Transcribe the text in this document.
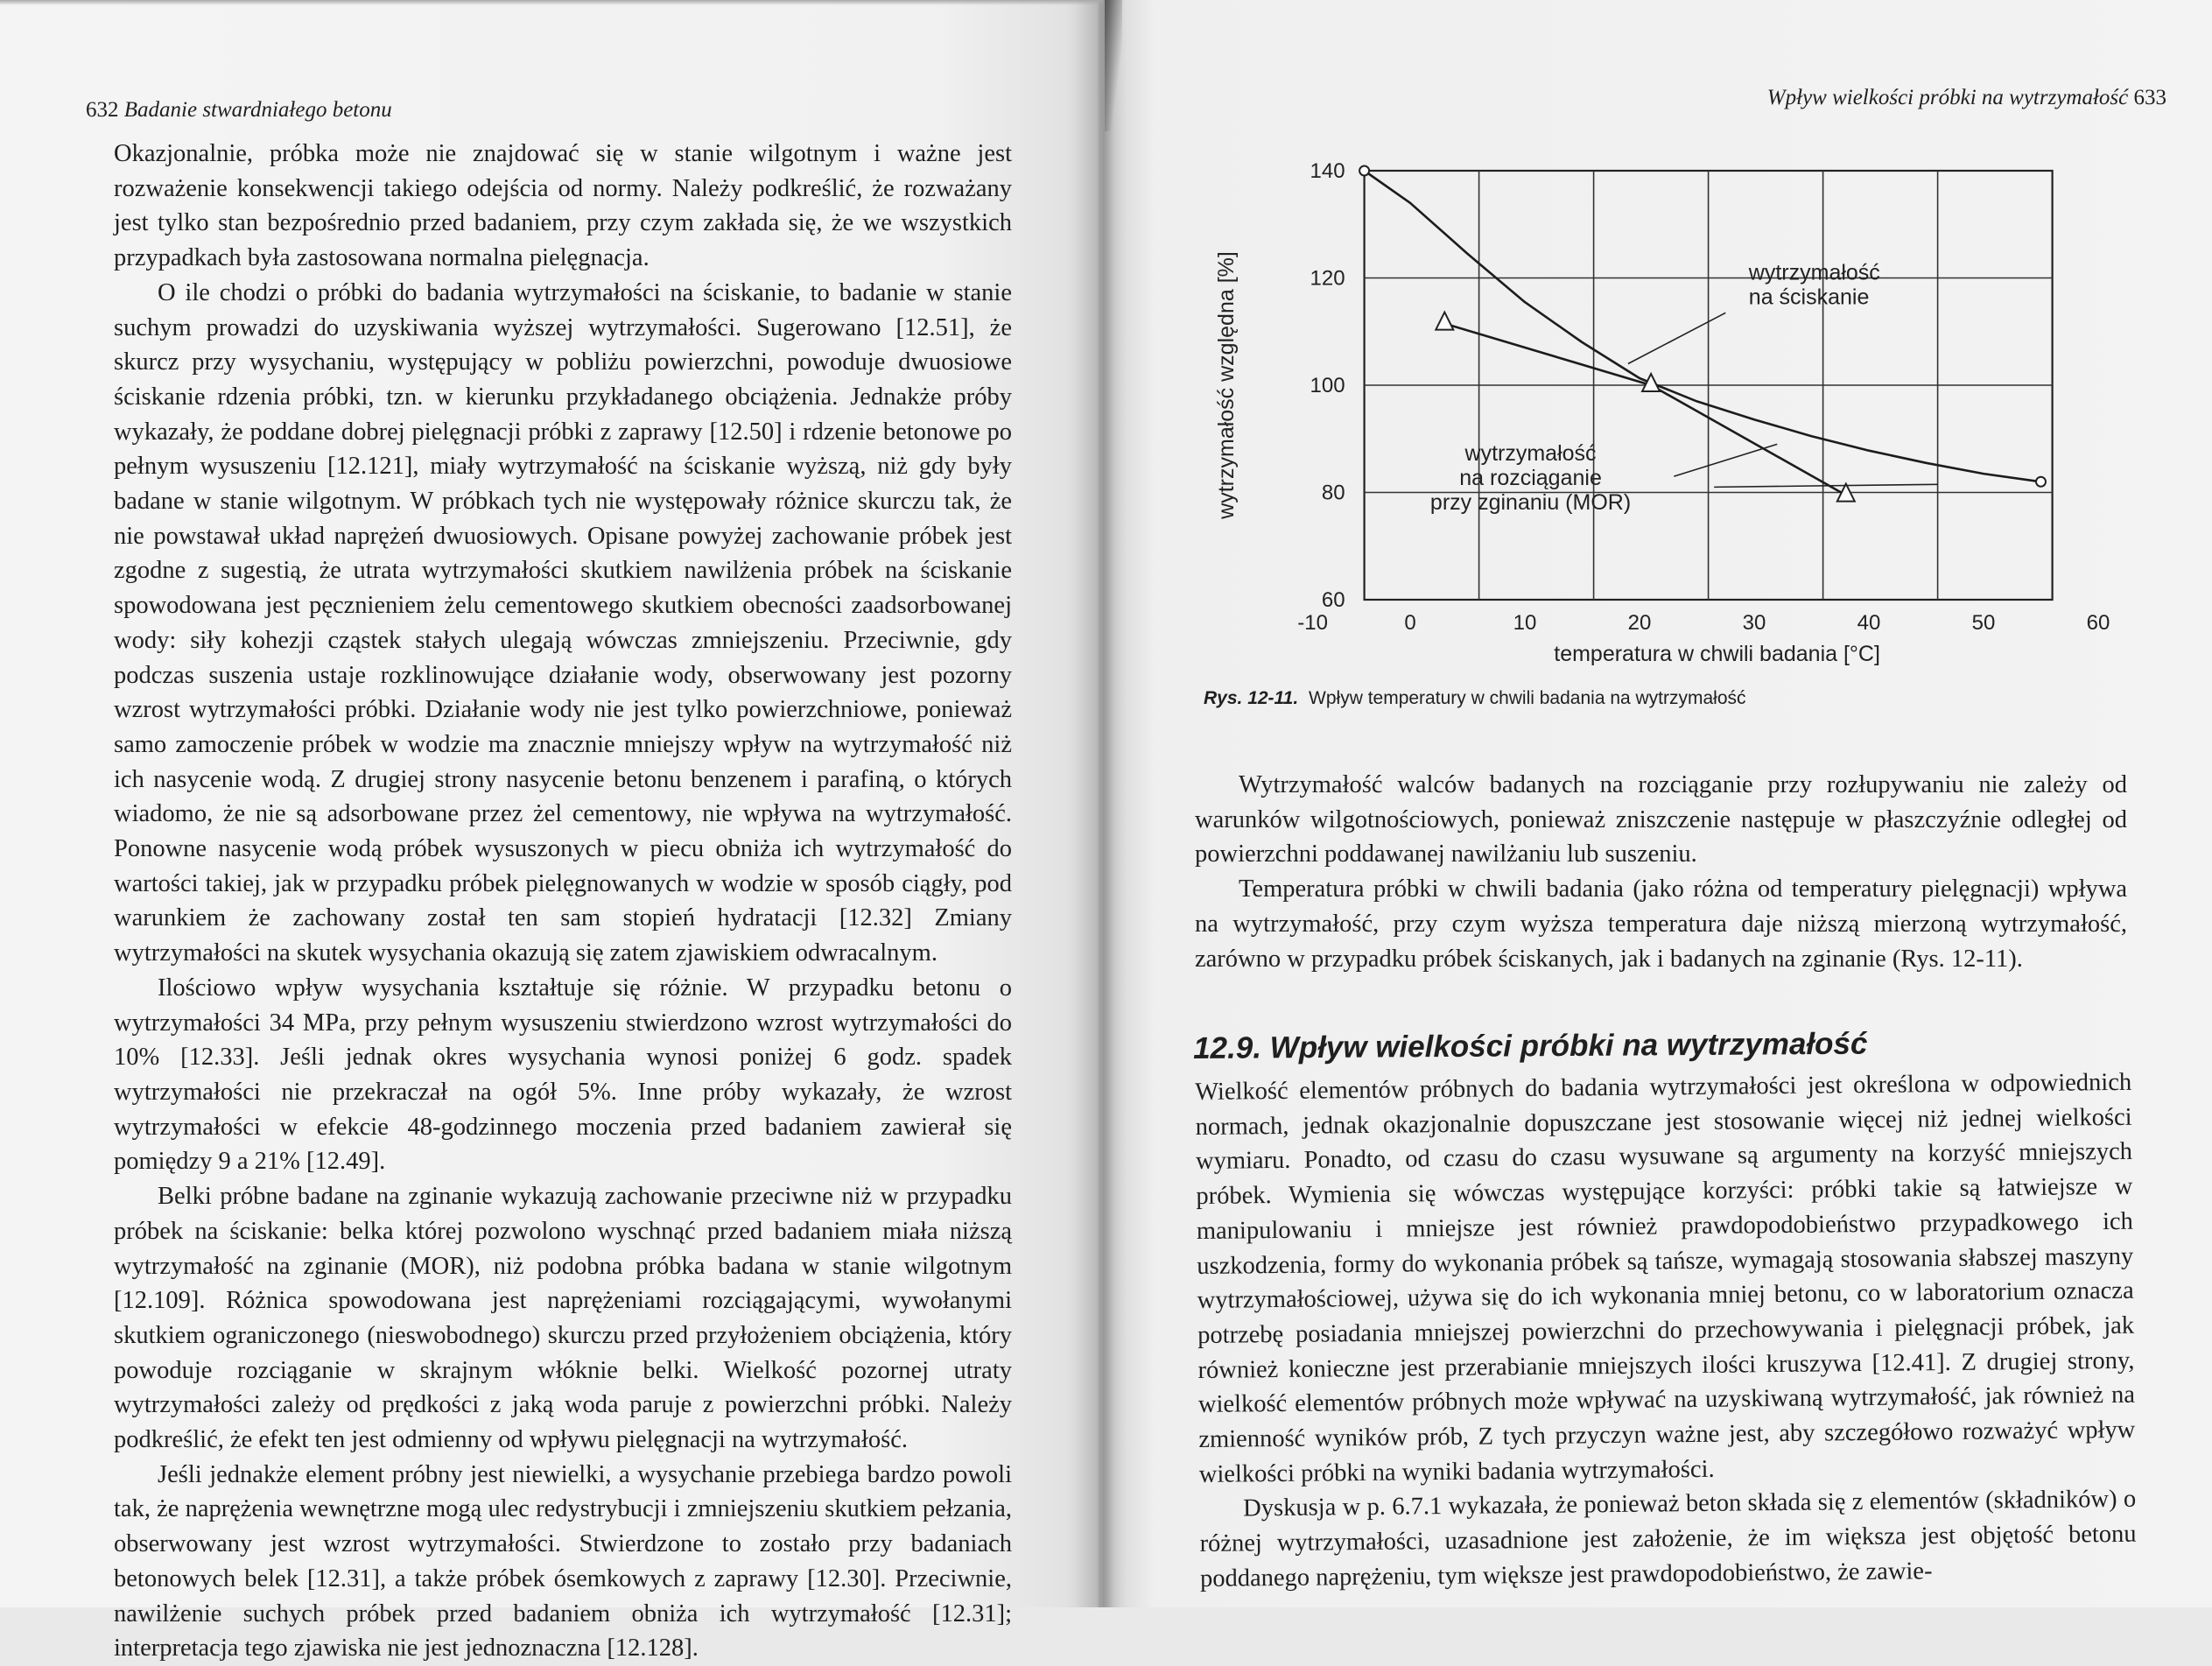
632 Badanie stwardniałego betonu

Okazjonalnie, próbka może nie znajdować się w stanie wilgotnym i ważne jest rozważenie konsekwencji takiego odejścia od normy. Należy podkreślić, że rozważany jest tylko stan bezpośrednio przed badaniem, przy czym zakłada się, że we wszystkich przypadkach była zastosowana normalna pielęgnacja.

O ile chodzi o próbki do badania wytrzymałości na ściskanie, to badanie w stanie suchym prowadzi do uzyskiwania wyższej wytrzymałości. Sugerowano [12.51], że skurcz przy wysychaniu, występujący w pobliżu powierzchni, powoduje dwuosiowe ściskanie rdzenia próbki, tzn. w kierunku przykładanego obciążenia. Jednakże próby wykazały, że poddane dobrej pielęgnacji próbki z zaprawy [12.50] i rdzenie betonowe po pełnym wysuszeniu [12.121], miały wytrzymałość na ściskanie wyższą, niż gdy były badane w stanie wilgotnym. W próbkach tych nie występowały różnice skurczu tak, że nie powstawał układ naprężeń dwuosiowych. Opisane powyżej zachowanie próbek jest zgodne z sugestią, że utrata wytrzymałości skutkiem nawilżenia próbek na ściskanie spowodowana jest pęcznieniem żelu cementowego skutkiem obecności zaadsorbowanej wody: siły kohezji cząstek stałych ulegają wówczas zmniejszeniu. Przeciwnie, gdy podczas suszenia ustaje rozklinowujące działanie wody, obserwowany jest pozorny wzrost wytrzymałości próbki. Działanie wody nie jest tylko powierzchniowe, ponieważ samo zamoczenie próbek w wodzie ma znacznie mniejszy wpływ na wytrzymałość niż ich nasycenie wodą. Z drugiej strony nasycenie betonu benzenem i parafiną, o których wiadomo, że nie są adsorbowane przez żel cementowy, nie wpływa na wytrzymałość. Ponowne nasycenie wodą próbek wysuszonych w piecu obniża ich wytrzymałość do wartości takiej, jak w przypadku próbek pielęgnowanych w wodzie w sposób ciągły, pod warunkiem że zachowany został ten sam stopień hydratacji [12.32] Zmiany wytrzymałości na skutek wysychania okazują się zatem zjawiskiem odwracalnym.

Ilościowo wpływ wysychania kształtuje się różnie. W przypadku betonu o wytrzymałości 34 MPa, przy pełnym wysuszeniu stwierdzono wzrost wytrzymałości do 10% [12.33]. Jeśli jednak okres wysychania wynosi poniżej 6 godz. spadek wytrzymałości nie przekraczał na ogół 5%. Inne próby wykazały, że wzrost wytrzymałości w efekcie 48-godzinnego moczenia przed badaniem zawierał się pomiędzy 9 a 21% [12.49].

Belki próbne badane na zginanie wykazują zachowanie przeciwne niż w przypadku próbek na ściskanie: belka której pozwolono wyschnąć przed badaniem miała niższą wytrzymałość na zginanie (MOR), niż podobna próbka badana w stanie wilgotnym [12.109]. Różnica spowodowana jest naprężeniami rozciągającymi, wywołanymi skutkiem ograniczonego (nieswobodnego) skurczu przed przyłożeniem obciążenia, który powoduje rozciąganie w skrajnym włóknie belki. Wielkość pozornej utraty wytrzymałości zależy od prędkości z jaką woda paruje z powierzchni próbki. Należy podkreślić, że efekt ten jest odmienny od wpływu pielęgnacji na wytrzymałość.

Jeśli jednakże element próbny jest niewielki, a wysychanie przebiega bardzo powoli tak, że naprężenia wewnętrzne mogą ulec redystrybucji i zmniejszeniu skutkiem pełzania, obserwowany jest wzrost wytrzymałości. Stwierdzone to zostało przy badaniach betonowych belek [12.31], a także próbek ósemkowych z zaprawy [12.30]. Przeciwnie, nawilżenie suchych próbek przed badaniem obniża ich wytrzymałość [12.31]; interpretacja tego zjawiska nie jest jednoznaczna [12.128].

Wpływ wielkości próbki na wytrzymałość 633
60
80
100
120
140
-10	0	10	20	30	40	50	60
temperatura w chwili badania [°C]
wytrzymałość względna [%]	wytrzymałość
na ściskanie
wytrzymałość
na rozciąganie
przy zginaniu (MOR)
Rys. 12-11. Wpływ temperatury w chwili badania na wytrzymałość

Wytrzymałość walców badanych na rozciąganie przy rozłupywaniu nie zależy od warunków wilgotnościowych, ponieważ zniszczenie następuje w płaszczyźnie odległej od powierzchni poddawanej nawilżaniu lub suszeniu.

Temperatura próbki w chwili badania (jako różna od temperatury pielęgnacji) wpływa na wytrzymałość, przy czym wyższa temperatura daje niższą mierzoną wytrzymałość, zarówno w przypadku próbek ściskanych, jak i badanych na zginanie (Rys. 12-11).

12.9. Wpływ wielkości próbki na wytrzymałość

Wielkość elementów próbnych do badania wytrzymałości jest określona w odpowiednich normach, jednak okazjonalnie dopuszczane jest stosowanie więcej niż jednej wielkości wymiaru. Ponadto, od czasu do czasu wysuwane są argumenty na korzyść mniejszych próbek. Wymienia się wówczas występujące korzyści: próbki takie są łatwiejsze w manipulowaniu i mniejsze jest również prawdopodobieństwo przypadkowego ich uszkodzenia, formy do wykonania próbek są tańsze, wymagają stosowania słabszej maszyny wytrzymałościowej, używa się do ich wykonania mniej betonu, co w laboratorium oznacza potrzebę posiadania mniejszej powierzchni do przechowywania i pielęgnacji próbek, jak również konieczne jest przerabianie mniejszych ilości kruszywa [12.41]. Z drugiej strony, wielkość elementów próbnych może wpływać na uzyskiwaną wytrzymałość, jak również na zmienność wyników prób, Z tych przyczyn ważne jest, aby szczegółowo rozważyć wpływ wielkości próbki na wyniki badania wytrzymałości.

Dyskusja w p. 6.7.1 wykazała, że ponieważ beton składa się z elementów (składników) o różnej wytrzymałości, uzasadnione jest założenie, że im większa jest objętość betonu poddanego naprężeniu, tym większe jest prawdopodobieństwo, że zawie-
